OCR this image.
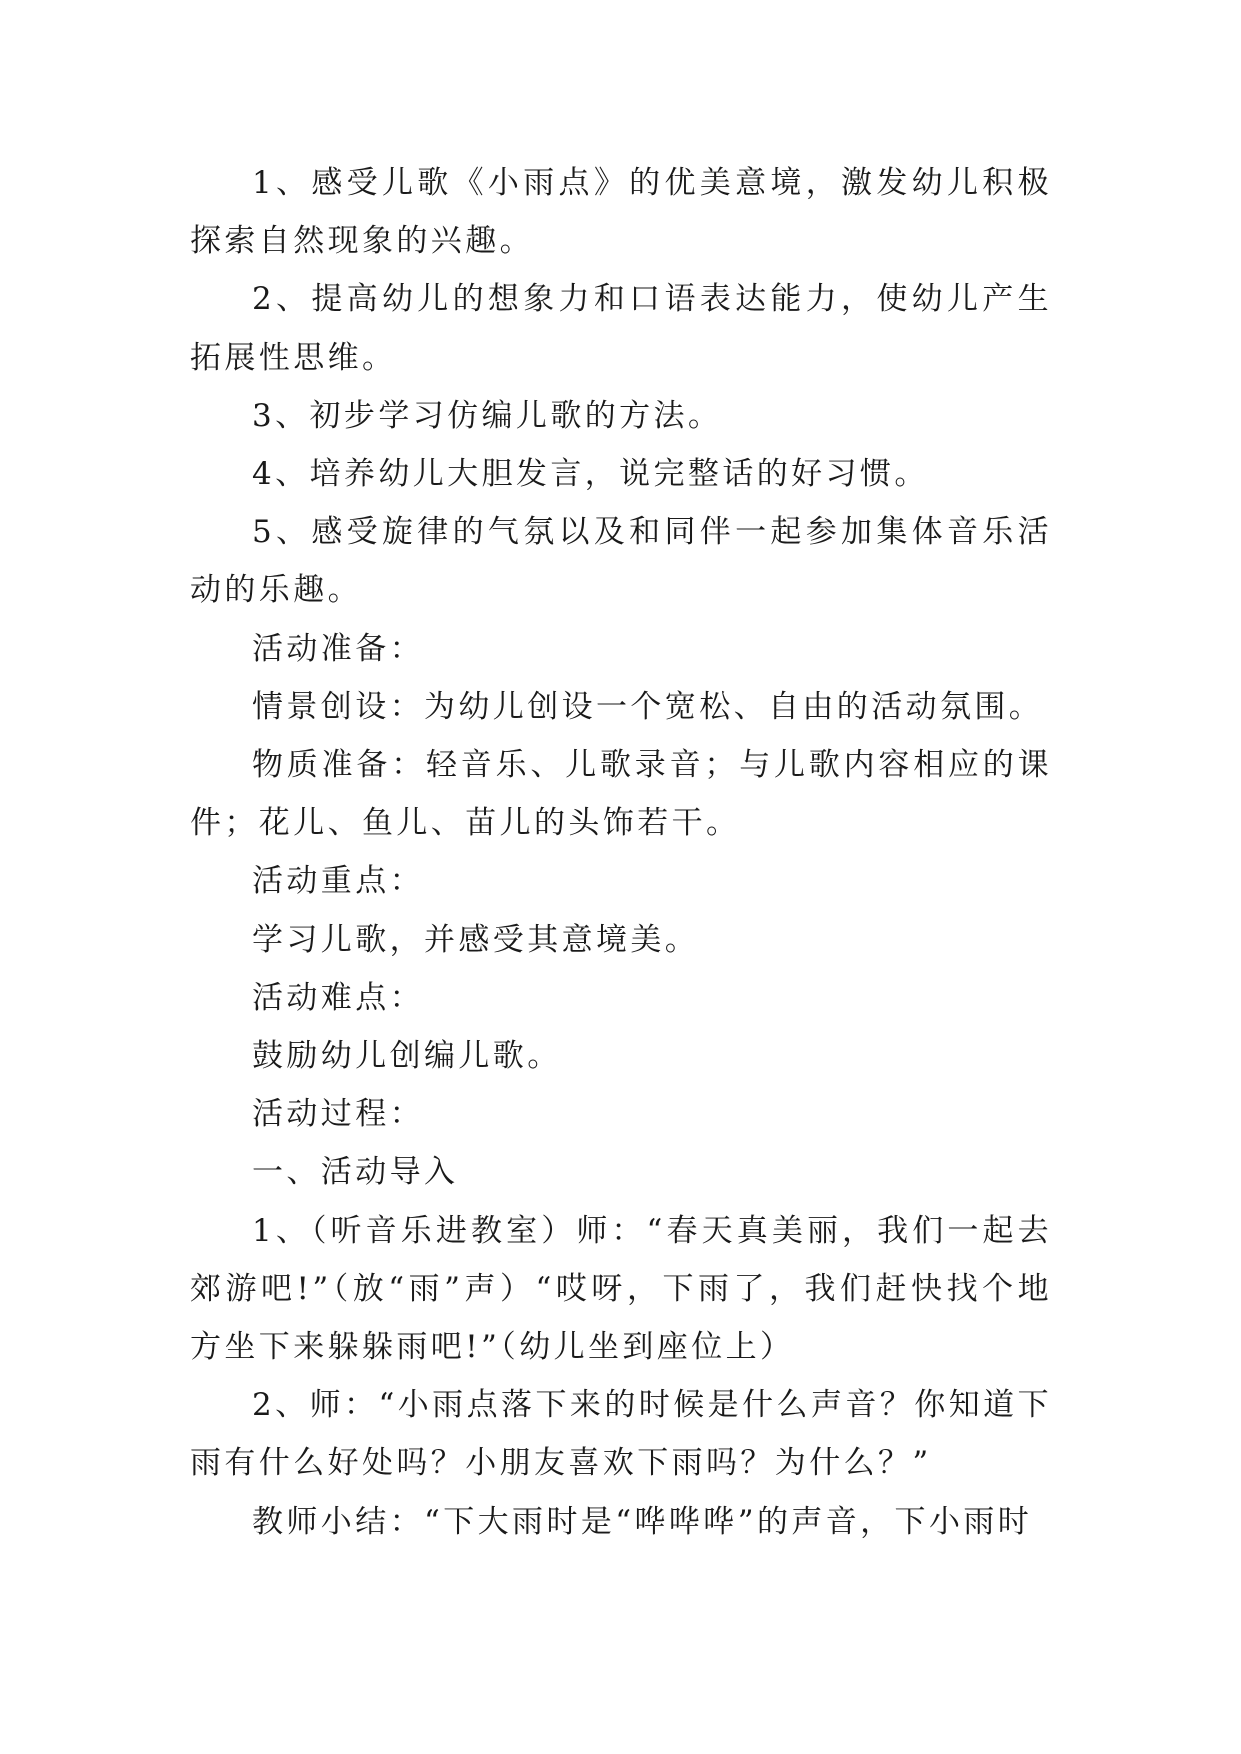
1、感受儿歌《小雨点》的优美意境，激发幼儿积极探索自然现象的兴趣。

2、提高幼儿的想象力和口语表达能力，使幼儿产生拓展性思维。

3、初步学习仿编儿歌的方法。

4、培养幼儿大胆发言，说完整话的好习惯。

5、感受旋律的气氛以及和同伴一起参加集体音乐活动的乐趣。

活动准备：

情景创设：为幼儿创设一个宽松、自由的活动氛围。

物质准备：轻音乐、儿歌录音；与儿歌内容相应的课件；花儿、鱼儿、苗儿的头饰若干。

活动重点：

学习儿歌，并感受其意境美。

活动难点：

鼓励幼儿创编儿歌。

活动过程：

一、活动导入

1、（听音乐进教室）师：“春天真美丽，我们一起去郊游吧!”（放“雨”声）“哎呀，下雨了，我们赶快找个地方坐下来躲躲雨吧!”（幼儿坐到座位上）

2、师：“小雨点落下来的时候是什么声音？你知道下雨有什么好处吗？小朋友喜欢下雨吗？为什么？”

教师小结：“下大雨时是“哗哗哗”的声音，下小雨时
